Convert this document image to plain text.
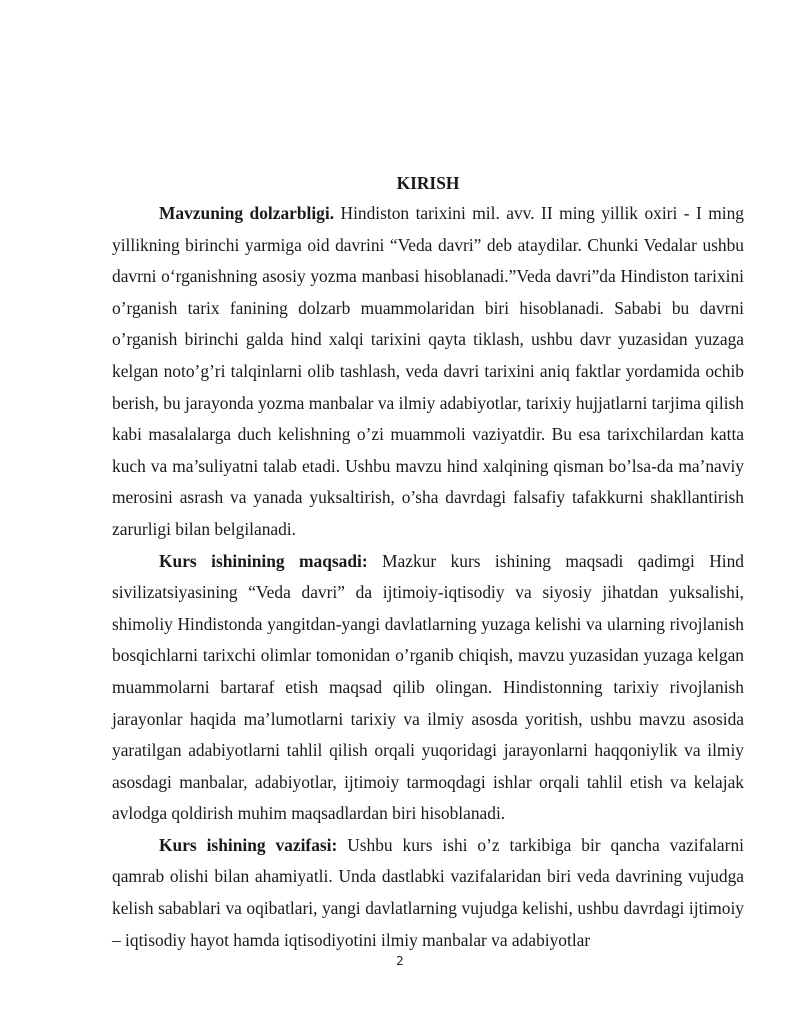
KIRISH

Mavzuning dolzarbligi. Hindiston tarixini mil. avv. II ming yillik oxiri - I ming yillikning birinchi yarmiga oid davrini “Veda davri” deb ataydilar. Chunki Vedalar ushbu davrni o‘rganishning asosiy yozma manbasi hisoblanadi.”Veda davri”da Hindiston tarixini o’rganish tarix fanining dolzarb muammolaridan biri hisoblanadi. Sababi bu davrni o’rganish birinchi galda hind xalqi tarixini qayta tiklash, ushbu davr yuzasidan yuzaga kelgan noto’g’ri talqinlarni olib tashlash, veda davri tarixini aniq faktlar yordamida ochib berish, bu jarayonda yozma manbalar va ilmiy adabiyotlar, tarixiy hujjatlarni tarjima qilish kabi masalalarga duch kelishning o’zi muammoli vaziyatdir. Bu esa tarixchilardan katta kuch va ma’suliyatni talab etadi. Ushbu mavzu hind xalqining qisman bo’lsa-da ma’naviy merosini asrash va yanada yuksaltirish, o’sha davrdagi falsafiy tafakkurni shakllantirish zarurligi bilan belgilanadi.

Kurs ishinining maqsadi: Mazkur kurs ishining maqsadi qadimgi Hind sivilizatsiyasining “Veda davri” da ijtimoiy-iqtisodiy va siyosiy jihatdan yuksalishi, shimoliy Hindistonda yangitdan-yangi davlatlarning yuzaga kelishi va ularning rivojlanish bosqichlarni tarixchi olimlar tomonidan o’rganib chiqish, mavzu yuzasidan yuzaga kelgan muammolarni bartaraf etish maqsad qilib olingan. Hindistonning tarixiy rivojlanish jarayonlar haqida ma’lumotlarni tarixiy va ilmiy asosda yoritish, ushbu mavzu asosida yaratilgan adabiyotlarni tahlil qilish orqali yuqoridagi jarayonlarni haqqoniylik va ilmiy asosdagi manbalar, adabiyotlar, ijtimoiy tarmoqdagi ishlar orqali tahlil etish va kelajak avlodga qoldirish muhim maqsadlardan biri hisoblanadi.

Kurs ishining vazifasi: Ushbu kurs ishi o’z tarkibiga bir qancha vazifalarni qamrab olishi bilan ahamiyatli. Unda dastlabki vazifalaridan biri veda davrining vujudga kelish sabablari va oqibatlari, yangi davlatlarning vujudga kelishi, ushbu davrdagi ijtimoiy – iqtisodiy hayot hamda iqtisodiyotini ilmiy manbalar va adabiyotlar

2
